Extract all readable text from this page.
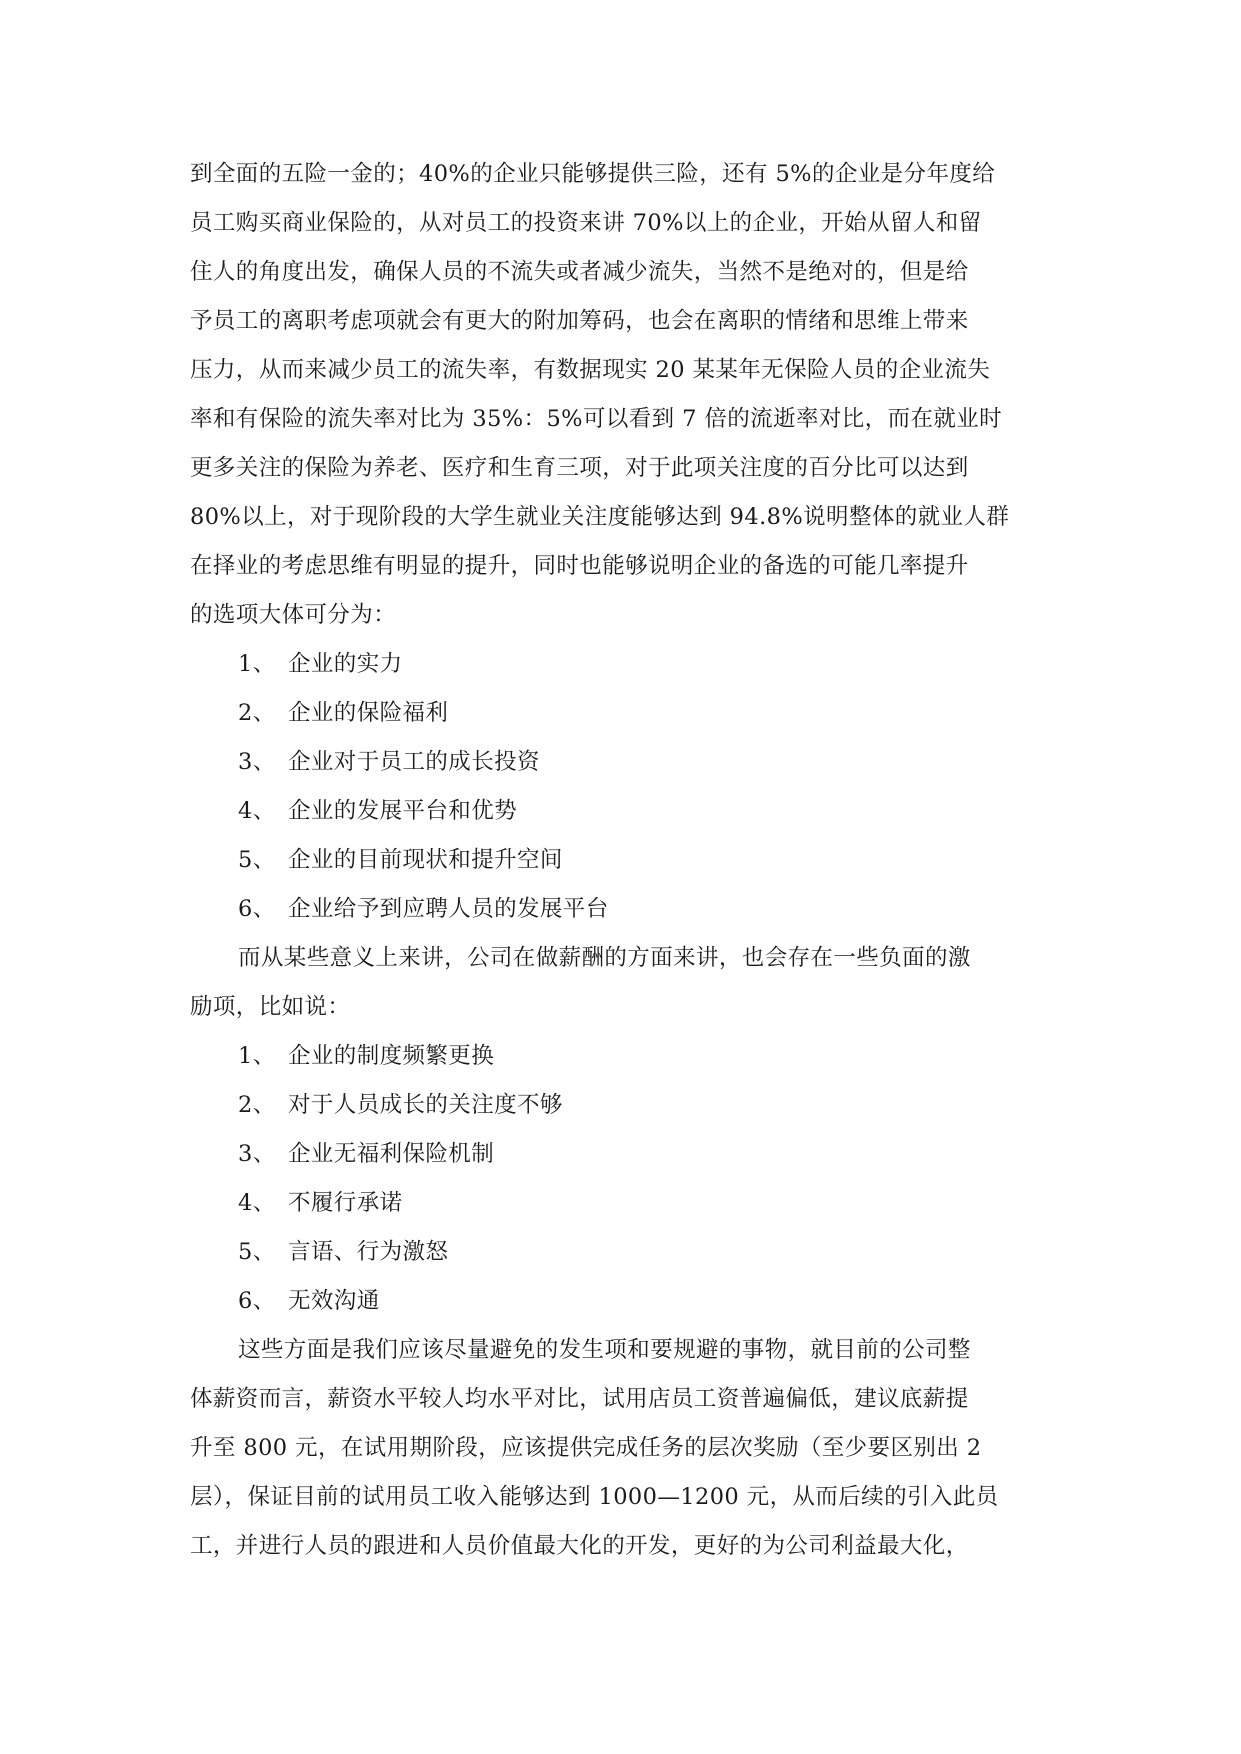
到全面的五险一金的；40%的企业只能够提供三险，还有 5%的企业是分年度给
员工购买商业保险的，从对员工的投资来讲 70%以上的企业，开始从留人和留
住人的角度出发，确保人员的不流失或者减少流失，当然不是绝对的，但是给
予员工的离职考虑项就会有更大的附加筹码，也会在离职的情绪和思维上带来
压力，从而来减少员工的流失率，有数据现实 20 某某年无保险人员的企业流失
率和有保险的流失率对比为 35%：5%可以看到 7 倍的流逝率对比，而在就业时
更多关注的保险为养老、医疗和生育三项，对于此项关注度的百分比可以达到
80%以上，对于现阶段的大学生就业关注度能够达到 94.8%说明整体的就业人群
在择业的考虑思维有明显的提升，同时也能够说明企业的备选的可能几率提升
的选项大体可分为：
1、 企业的实力
2、 企业的保险福利
3、 企业对于员工的成长投资
4、 企业的发展平台和优势
5、 企业的目前现状和提升空间
6、 企业给予到应聘人员的发展平台
而从某些意义上来讲，公司在做薪酬的方面来讲，也会存在一些负面的激
励项，比如说：
1、 企业的制度频繁更换
2、 对于人员成长的关注度不够
3、 企业无福利保险机制
4、 不履行承诺
5、 言语、行为激怒
6、 无效沟通
这些方面是我们应该尽量避免的发生项和要规避的事物，就目前的公司整
体薪资而言，薪资水平较人均水平对比，试用店员工资普遍偏低，建议底薪提
升至 800 元，在试用期阶段，应该提供完成任务的层次奖励（至少要区别出 2
层），保证目前的试用员工收入能够达到 1000—1200 元，从而后续的引入此员
工，并进行人员的跟进和人员价值最大化的开发，更好的为公司利益最大化，
